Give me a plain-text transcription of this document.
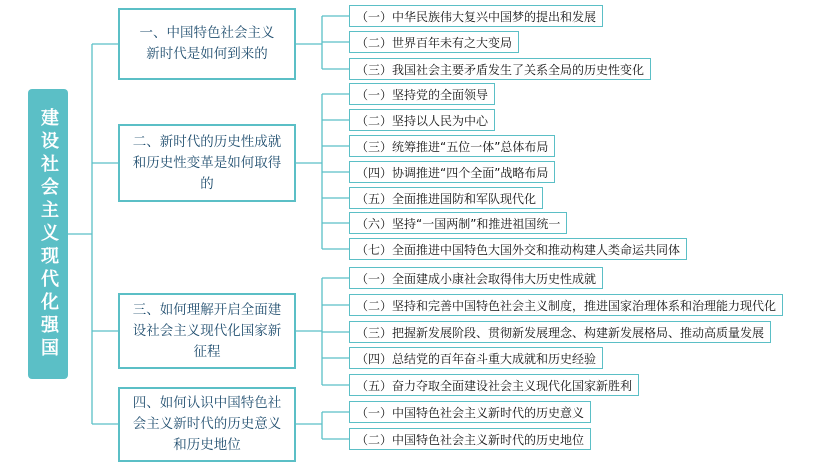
建设社会主义现代化强国
一、中国特色社会主义新时代是如何到来的
二、新时代的历史性成就和历史性变革是如何取得的
三、如何理解开启全面建设社会主义现代化国家新征程
四、如何认识中国特色社会主义新时代的历史意义和历史地位
（一）中华民族伟大复兴中国梦的提出和发展
（二）世界百年未有之大变局
（三）我国社会主要矛盾发生了关系全局的历史性变化
（一）坚持党的全面领导
（二）坚持以人民为中心
（三）统筹推进“五位一体”总体布局
（四）协调推进“四个全面”战略布局
（五）全面推进国防和军队现代化
（六）坚持“一国两制”和推进祖国统一
（七）全面推进中国特色大国外交和推动构建人类命运共同体
（一）全面建成小康社会取得伟大历史性成就
（二）坚持和完善中国特色社会主义制度，推进国家治理体系和治理能力现代化
（三）把握新发展阶段、贯彻新发展理念、构建新发展格局、推动高质量发展
（四）总结党的百年奋斗重大成就和历史经验
（五）奋力夺取全面建设社会主义现代化国家新胜利
（一）中国特色社会主义新时代的历史意义
（二）中国特色社会主义新时代的历史地位
